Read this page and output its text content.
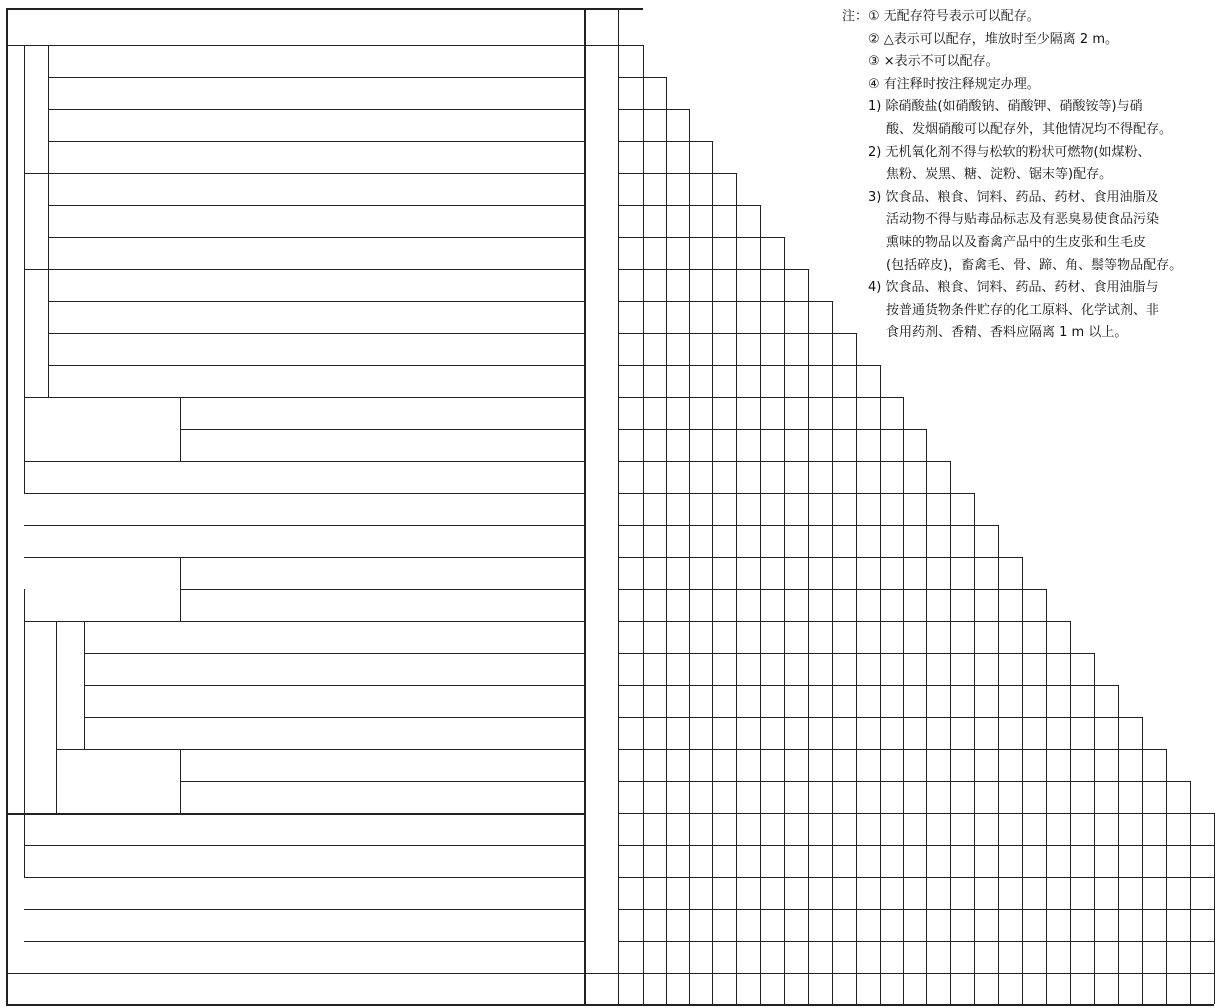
注：① 无配存符号表示可以配存。
② △表示可以配存，堆放时至少隔离 2 m。
③ ×表示不可以配存。
④ 有注释时按注释规定办理。
1) 除硝酸盐(如硝酸钠、硝酸钾、硝酸铵等)与硝
酸、发烟硝酸可以配存外，其他情况均不得配存。
2) 无机氧化剂不得与松软的粉状可燃物(如煤粉、
焦粉、炭黑、糖、淀粉、锯末等)配存。
3) 饮食品、粮食、饲料、药品、药材、食用油脂及
活动物不得与贴毒品标志及有恶臭易使食品污染
熏味的物品以及畜禽产品中的生皮张和生毛皮
(包括碎皮)，畜禽毛、骨、蹄、角、鬃等物品配存。
4) 饮食品、粮食、饲料、药品、药材、食用油脂与
按普通货物条件贮存的化工原料、化学试剂、非
食用药剂、香精、香料应隔离 1 m 以上。
